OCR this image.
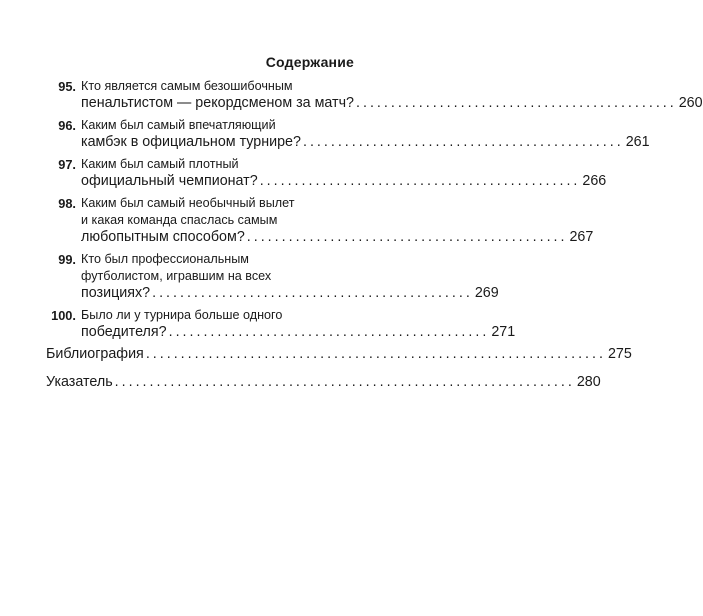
Содержание
95. Кто является самым безошибочным
пенальтистом — рекордсменом за матч? .............................................. 260
96. Каким был самый впечатляющий
камбэк в официальном турнире? .............................................. 261
97. Каким был самый плотный
официальный чемпионат? .............................................. 266
98. Каким был самый необычный вылет
и какая команда спаслась самым
любопытным способом? .............................................. 267
99. Кто был профессиональным
футболистом, игравшим на всех
позициях? .............................................. 269
100. Было ли у турнира больше одного
победителя? .............................................. 271
Библиография .................................................................. 275
Указатель .................................................................. 280
